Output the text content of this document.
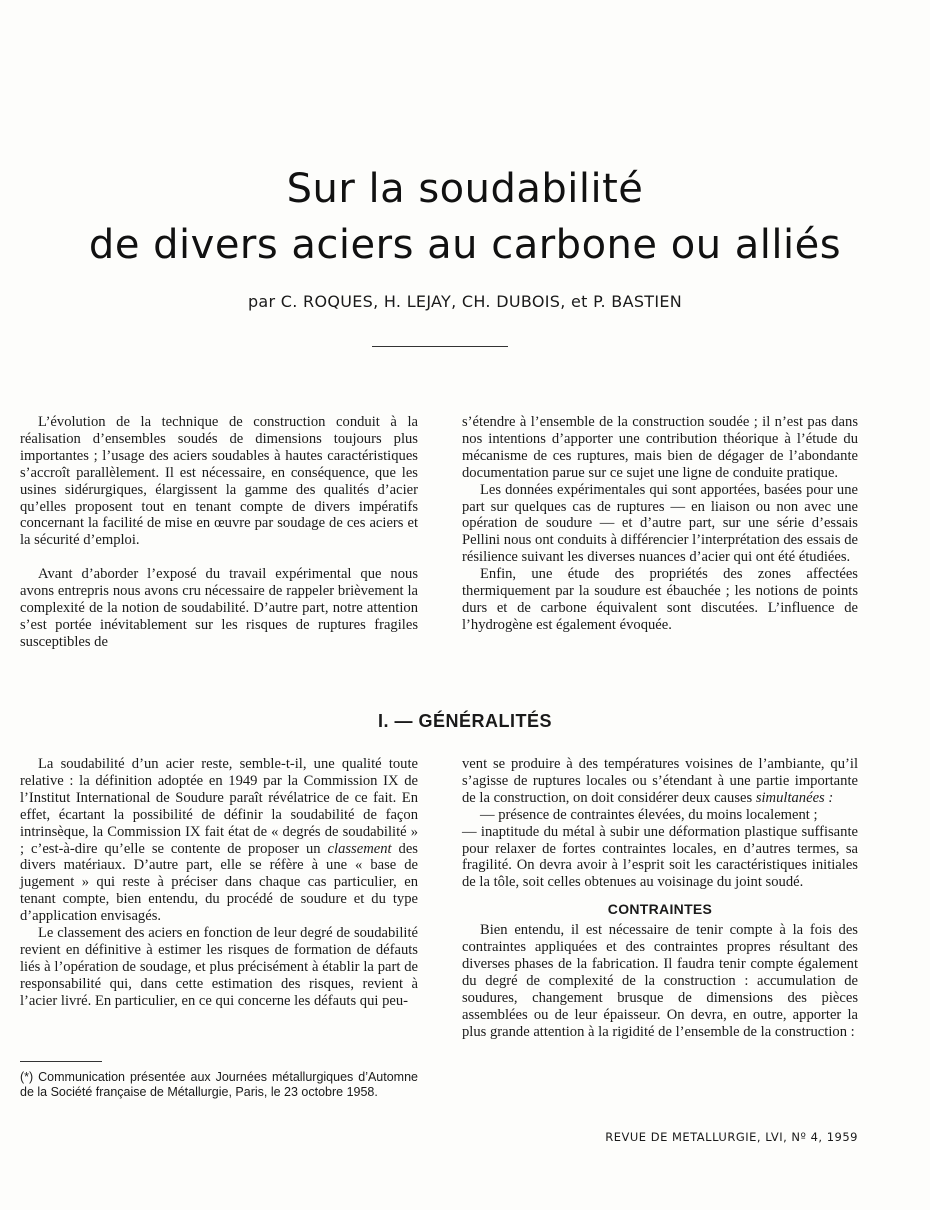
Sur la soudabilité
de divers aciers au carbone ou alliés
par C. ROQUES, H. LEJAY, CH. DUBOIS, et P. BASTIEN

L’évolution de la technique de construction conduit à la réalisation d’ensembles soudés de dimensions toujours plus importantes ; l’usage des aciers soudables à hautes caractéristiques s’accroît parallèlement. Il est nécessaire, en conséquence, que les usines sidérurgiques, élargissent la gamme des qualités d’acier qu’elles proposent tout en tenant compte de divers impératifs concernant la facilité de mise en œuvre par soudage de ces aciers et la sécurité d’emploi.

Avant d’aborder l’exposé du travail expérimental que nous avons entrepris nous avons cru nécessaire de rappeler brièvement la complexité de la notion de soudabilité. D’autre part, notre attention s’est portée inévitablement sur les risques de ruptures fragiles susceptibles de

s’étendre à l’ensemble de la construction soudée ; il n’est pas dans nos intentions d’apporter une contribution théorique à l’étude du mécanisme de ces ruptures, mais bien de dégager de l’abondante documentation parue sur ce sujet une ligne de conduite pratique.

Les données expérimentales qui sont apportées, basées pour une part sur quelques cas de ruptures — en liaison ou non avec une opération de soudure — et d’autre part, sur une série d’essais Pellini nous ont conduits à différencier l’interprétation des essais de résilience suivant les diverses nuances d’acier qui ont été étudiées.

Enfin, une étude des propriétés des zones affectées thermiquement par la soudure est ébauchée ; les notions de points durs et de carbone équivalent sont discutées. L’influence de l’hydrogène est également évoquée.

I. — GÉNÉRALITÉS

La soudabilité d’un acier reste, semble-t-il, une qualité toute relative : la définition adoptée en 1949 par la Commission IX de l’Institut International de Soudure paraît révélatrice de ce fait. En effet, écartant la possibilité de définir la soudabilité de façon intrinsèque, la Commission IX fait état de « degrés de soudabilité » ; c’est-à-dire qu’elle se contente de proposer un classement des divers matériaux. D’autre part, elle se réfère à une « base de jugement » qui reste à préciser dans chaque cas particulier, en tenant compte, bien entendu, du procédé de soudure et du type d’application envisagés.

Le classement des aciers en fonction de leur degré de soudabilité revient en définitive à estimer les risques de formation de défauts liés à l’opération de soudage, et plus précisément à établir la part de responsabilité qui, dans cette estimation des risques, revient à l’acier livré. En particulier, en ce qui concerne les défauts qui peu-

vent se produire à des températures voisines de l’ambiante, qu’il s’agisse de ruptures locales ou s’étendant à une partie importante de la construction, on doit considérer deux causes simultanées :

— présence de contraintes élevées, du moins localement ;

— inaptitude du métal à subir une déformation plastique suffisante pour relaxer de fortes contraintes locales, en d’autres termes, sa fragilité. On devra avoir à l’esprit soit les caractéristiques initiales de la tôle, soit celles obtenues au voisinage du joint soudé.

CONTRAINTES

Bien entendu, il est nécessaire de tenir compte à la fois des contraintes appliquées et des contraintes propres résultant des diverses phases de la fabrication. Il faudra tenir compte également du degré de complexité de la construction : accumulation de soudures, changement brusque de dimensions des pièces assemblées ou de leur épaisseur. On devra, en outre, apporter la plus grande attention à la rigidité de l’ensemble de la construction :

(*) Communication présentée aux Journées métallurgiques d’Automne de la Société française de Métallurgie, Paris, le 23 octobre 1958.
REVUE DE METALLURGIE, LVI, Nº 4, 1959
